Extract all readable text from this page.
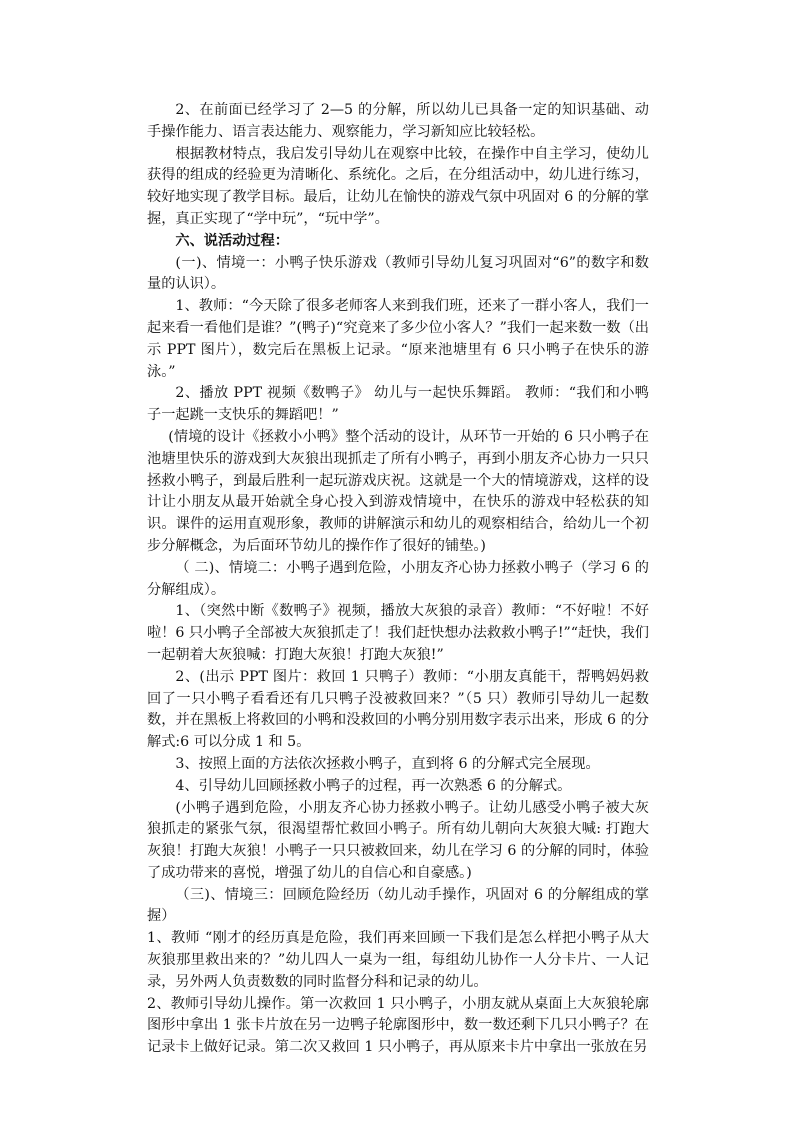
2、在前面已经学习了 2—5 的分解，所以幼儿已具备一定的知识基础、动手操作能力、语言表达能力、观察能力，学习新知应比较轻松。

根据教材特点，我启发引导幼儿在观察中比较，在操作中自主学习，使幼儿获得的组成的经验更为清晰化、系统化。之后，在分组活动中，幼儿进行练习，较好地实现了教学目标。最后，让幼儿在愉快的游戏气氛中巩固对 6 的分解的掌握，真正实现了“学中玩”，“玩中学”。

六、说活动过程：

(一)、情境一：小鸭子快乐游戏（教师引导幼儿复习巩固对“6”的数字和数量的认识）。

1、教师：“今天除了很多老师客人来到我们班，还来了一群小客人，我们一起来看一看他们是谁？”(鸭子)“究竟来了多少位小客人？”我们一起来数一数（出示 PPT 图片），数完后在黑板上记录。“原来池塘里有 6 只小鸭子在快乐的游泳。”

2、播放 PPT 视频《数鸭子》 幼儿与一起快乐舞蹈。 教师：“我们和小鸭子一起跳一支快乐的舞蹈吧！”

(情境的设计《拯救小小鸭》整个活动的设计，从环节一开始的 6 只小鸭子在池塘里快乐的游戏到大灰狼出现抓走了所有小鸭子，再到小朋友齐心协力一只只拯救小鸭子，到最后胜利一起玩游戏庆祝。这就是一个大的情境游戏，这样的设计让小朋友从最开始就全身心投入到游戏情境中，在快乐的游戏中轻松获的知识。课件的运用直观形象，教师的讲解演示和幼儿的观察相结合，给幼儿一个初步分解概念，为后面环节幼儿的操作作了很好的铺垫。)

（ 二)、情境二：小鸭子遇到危险，小朋友齐心协力拯救小鸭子（学习 6 的分解组成）。

1、（突然中断《数鸭子》视频，播放大灰狼的录音）教师：“不好啦！不好啦！6 只小鸭子全部被大灰狼抓走了！我们赶快想办法救救小鸭子!”“赶快，我们一起朝着大灰狼喊：打跑大灰狼！打跑大灰狼!”

2、(出示 PPT 图片：救回 1 只鸭子）教师：“小朋友真能干，帮鸭妈妈救回了一只小鸭子看看还有几只鸭子没被救回来？”（5 只）教师引导幼儿一起数数，并在黑板上将救回的小鸭和没救回的小鸭分别用数字表示出来，形成 6 的分解式:6 可以分成 1 和 5。

3、按照上面的方法依次拯救小鸭子，直到将 6 的分解式完全展现。

4、引导幼儿回顾拯救小鸭子的过程，再一次熟悉 6 的分解式。

(小鸭子遇到危险，小朋友齐心协力拯救小鸭子。让幼儿感受小鸭子被大灰狼抓走的紧张气氛，很渴望帮忙救回小鸭子。所有幼儿朝向大灰狼大喊: 打跑大灰狼！打跑大灰狼！小鸭子一只只被救回来，幼儿在学习 6 的分解的同时，体验了成功带来的喜悦，增强了幼儿的自信心和自豪感。)

（三)、情境三：回顾危险经历（幼儿动手操作，巩固对 6 的分解组成的掌握）

1、教师 “刚才的经历真是危险，我们再来回顾一下我们是怎么样把小鸭子从大灰狼那里救出来的？”幼儿四人一桌为一组，每组幼儿协作一人分卡片、一人记录，另外两人负责数数的同时监督分科和记录的幼儿。

2、教师引导幼儿操作。第一次救回 1 只小鸭子，小朋友就从桌面上大灰狼轮廓图形中拿出 1 张卡片放在另一边鸭子轮廓图形中，数一数还剩下几只小鸭子？在记录卡上做好记录。第二次又救回 1 只小鸭子，再从原来卡片中拿出一张放在另
